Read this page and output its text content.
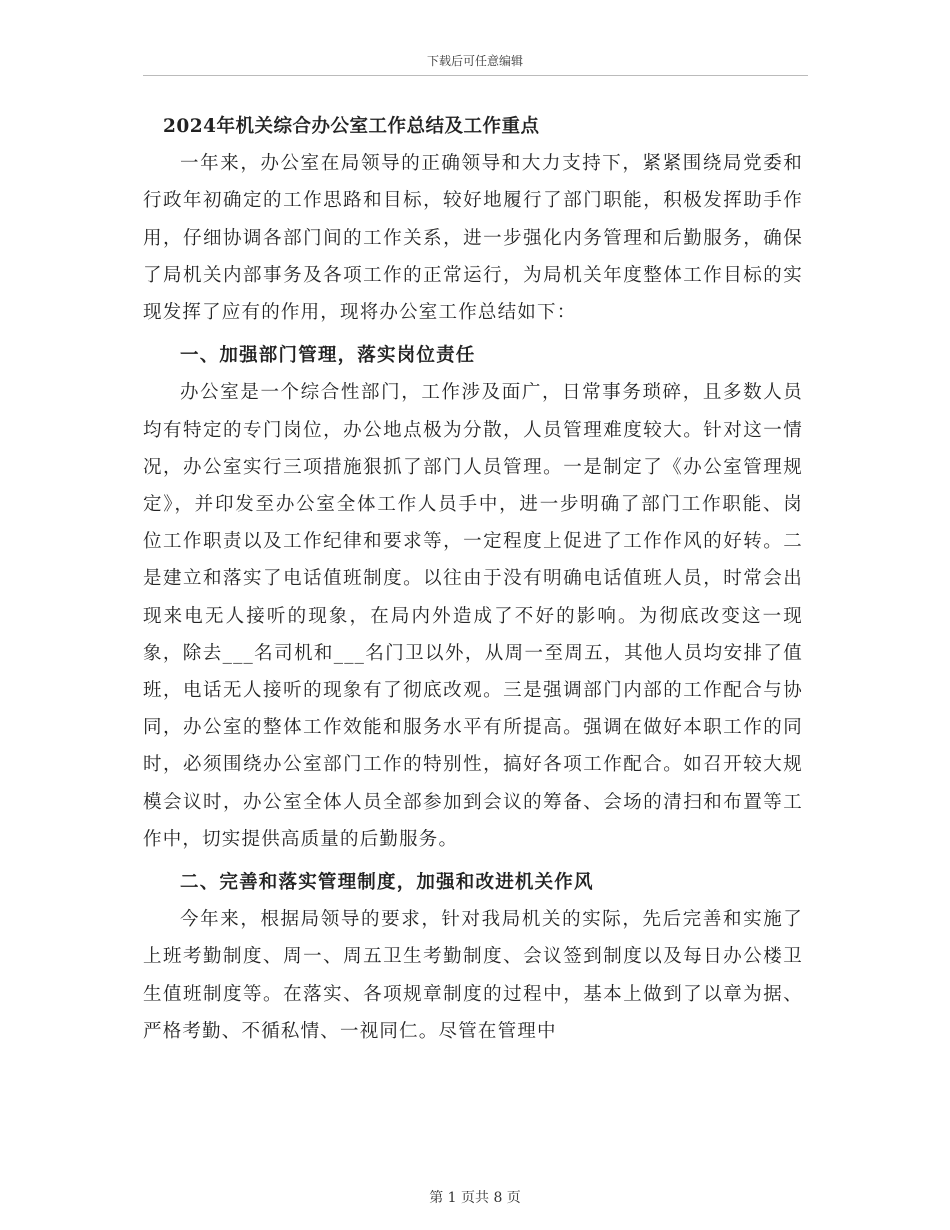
下载后可任意编辑

2024年机关综合办公室工作总结及工作重点

一年来，办公室在局领导的正确领导和大力支持下，紧紧围绕局党委和行政年初确定的工作思路和目标，较好地履行了部门职能，积极发挥助手作用，仔细协调各部门间的工作关系，进一步强化内务管理和后勤服务，确保了局机关内部事务及各项工作的正常运行，为局机关年度整体工作目标的实现发挥了应有的作用，现将办公室工作总结如下：

一、加强部门管理，落实岗位责任

办公室是一个综合性部门，工作涉及面广，日常事务琐碎，且多数人员均有特定的专门岗位，办公地点极为分散，人员管理难度较大。针对这一情况，办公室实行三项措施狠抓了部门人员管理。一是制定了《办公室管理规定》，并印发至办公室全体工作人员手中，进一步明确了部门工作职能、岗位工作职责以及工作纪律和要求等，一定程度上促进了工作作风的好转。二是建立和落实了电话值班制度。以往由于没有明确电话值班人员，时常会出现来电无人接听的现象，在局内外造成了不好的影响。为彻底改变这一现象，除去___名司机和___名门卫以外，从周一至周五，其他人员均安排了值班，电话无人接听的现象有了彻底改观。三是强调部门内部的工作配合与协同，办公室的整体工作效能和服务水平有所提高。强调在做好本职工作的同时，必须围绕办公室部门工作的特别性，搞好各项工作配合。如召开较大规模会议时，办公室全体人员全部参加到会议的筹备、会场的清扫和布置等工作中，切实提供高质量的后勤服务。

二、完善和落实管理制度，加强和改进机关作风

今年来，根据局领导的要求，针对我局机关的实际，先后完善和实施了上班考勤制度、周一、周五卫生考勤制度、会议签到制度以及每日办公楼卫生值班制度等。在落实、各项规章制度的过程中，基本上做到了以章为据、严格考勤、不循私情、一视同仁。尽管在管理中

第 1 页共 8 页
